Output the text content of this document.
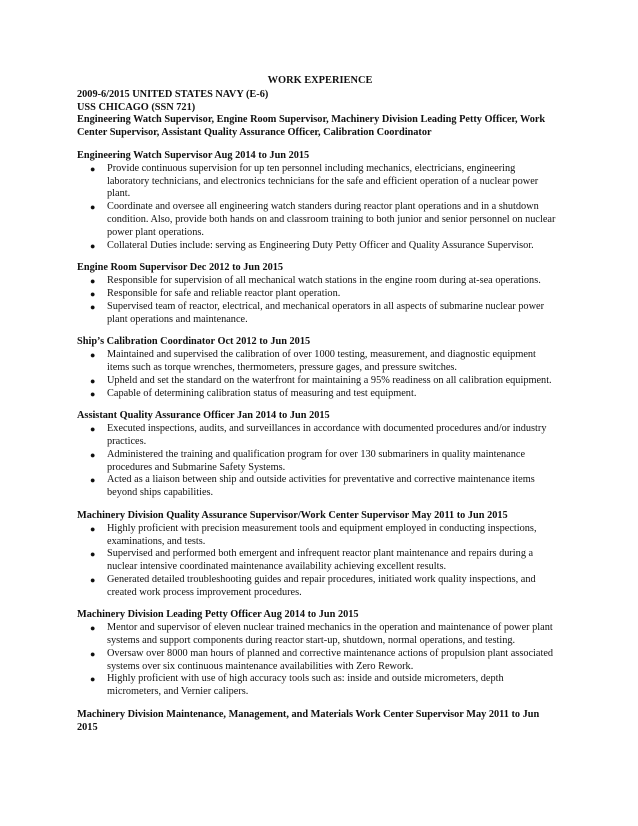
WORK EXPERIENCE
2009-6/2015 UNITED STATES NAVY (E-6)
USS CHICAGO (SSN 721)
Engineering Watch Supervisor, Engine Room Supervisor, Machinery Division Leading Petty Officer, Work Center Supervisor, Assistant Quality Assurance Officer, Calibration Coordinator
Engineering Watch Supervisor Aug 2014 to Jun 2015
● Provide continuous supervision for up ten personnel including mechanics, electricians, engineering laboratory technicians, and electronics technicians for the safe and efficient operation of a nuclear power plant.
● Coordinate and oversee all engineering watch standers during reactor plant operations and in a shutdown condition. Also, provide both hands on and classroom training to both junior and senior personnel on nuclear power plant operations.
● Collateral Duties include: serving as Engineering Duty Petty Officer and Quality Assurance Supervisor.
Engine Room Supervisor Dec 2012 to Jun 2015
● Responsible for supervision of all mechanical watch stations in the engine room during at-sea operations.
● Responsible for safe and reliable reactor plant operation.
● Supervised team of reactor, electrical, and mechanical operators in all aspects of submarine nuclear power plant operations and maintenance.
Ship’s Calibration Coordinator Oct 2012 to Jun 2015
● Maintained and supervised the calibration of over 1000 testing, measurement, and diagnostic equipment items such as torque wrenches, thermometers, pressure gages, and pressure switches.
● Upheld and set the standard on the waterfront for maintaining a 95% readiness on all calibration equipment.
● Capable of determining calibration status of measuring and test equipment.
Assistant Quality Assurance Officer Jan 2014 to Jun 2015
● Executed inspections, audits, and surveillances in accordance with documented procedures and/or industry practices.
● Administered the training and qualification program for over 130 submariners in quality maintenance procedures and Submarine Safety Systems.
● Acted as a liaison between ship and outside activities for preventative and corrective maintenance items beyond ships capabilities.
Machinery Division Quality Assurance Supervisor/Work Center Supervisor May 2011 to Jun 2015
● Highly proficient with precision measurement tools and equipment employed in conducting inspections, examinations, and tests.
● Supervised and performed both emergent and infrequent reactor plant maintenance and repairs during a nuclear intensive coordinated maintenance availability achieving excellent results.
● Generated detailed troubleshooting guides and repair procedures, initiated work quality inspections, and created work process improvement procedures.
Machinery Division Leading Petty Officer Aug 2014 to Jun 2015
● Mentor and supervisor of eleven nuclear trained mechanics in the operation and maintenance of power plant systems and support components during reactor start-up, shutdown, normal operations, and testing.
● Oversaw over 8000 man hours of planned and corrective maintenance actions of propulsion plant associated systems over six continuous maintenance availabilities with Zero Rework.
● Highly proficient with use of high accuracy tools such as: inside and outside micrometers, depth micrometers, and Vernier calipers.
Machinery Division Maintenance, Management, and Materials Work Center Supervisor May 2011 to Jun 2015
